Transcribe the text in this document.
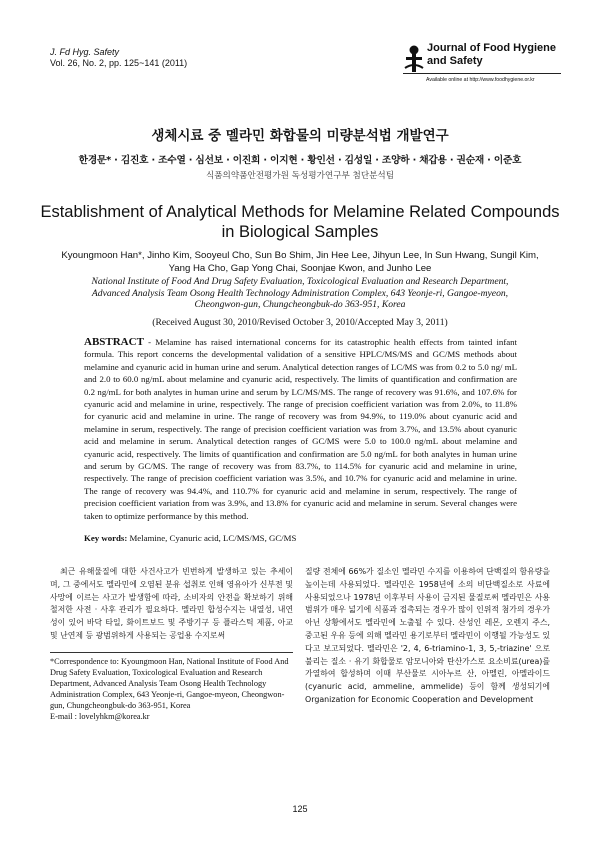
J. Fd Hyg. Safety
Vol. 26, No. 2, pp. 125~141 (2011)
Journal of Food Hygiene
and Safety
Available online at http://www.foodhygiene.or.kr
생체시료 중 멜라민 화합물의 미량분석법 개발연구
한경문* · 김진호 · 조수열 · 심선보 · 이진희 · 이지현 · 황인선 · 김성일 · 조양하 · 채갑용 · 권순재 · 이준호
식품의약품안전평가원 독성평가연구부 첨단분석팀
Establishment of Analytical Methods for Melamine Related Compounds
in Biological Samples
Kyoungmoon Han*, Jinho Kim, Sooyeul Cho, Sun Bo Shim, Jin Hee Lee, Jihyun Lee, In Sun Hwang, Sungil Kim,
Yang Ha Cho, Gap Yong Chai, Soonjae Kwon, and Junho Lee
National Institute of Food And Drug Safety Evaluation, Toxicological Evaluation and Research Department,
Advanced Analysis Team Osong Health Technology Administration Complex, 643 Yeonje-ri, Gangoe-myeon,
Cheongwon-gun, Chungcheongbuk-do 363-951, Korea
(Received August 30, 2010/Revised October 3, 2010/Accepted May 3, 2011)
ABSTRACT - Melamine has raised international concerns for its catastrophic health effects from tainted infant formula. This report concerns the developmental validation of a sensitive HPLC/MS/MS and GC/MS methods about melamine and cyanuric acid in human urine and serum. Analytical detection ranges of LC/MS was from 0.2 to 5.0 ng/ mL and 2.0 to 60.0 ng/mL about melamine and cyanuric acid, respectively. The limits of quantification and confirmation are 0.2 ng/mL for both analytes in human urine and serum by LC/MS/MS. The range of recovery was 91.6%, and 107.6% for cyanuric acid and melamine in urine, respectively. The range of precision coefficient variation was from 2.0%, to 11.8% for cyanuric acid and melamine in urine. The range of recovery was from 94.9%, to 119.0% about cyanuric acid and melamine in serum, respectively. The range of precision coefficient variation was from 3.7%, and 13.5% about cyanuric acid and melamine in serum. Analytical detection ranges of GC/MS were 5.0 to 100.0 ng/mL about melamine and cyanuric acid, respectively. The limits of quantification and confirmation are 5.0 ng/mL for both analytes in human urine and serum by GC/MS. The range of recovery was from 83.7%, to 114.5% for cyanuric acid and melamine in urine, respectively. The range of precision coefficient variation was 3.5%, and 10.7% for cyanuric acid and melamine in urine. The range of recovery was 94.4%, and 110.7% for cyanuric acid and melamine in serum, respectively. The range of precision coefficient variation from was 3.9%, and 13.8% for cyanuric acid and melamine in serum. Several changes were taken to optimize performance by this method.
Key words: Melamine, Cyanuric acid, LC/MS/MS, GC/MS
최근 유해물질에 대한 사건사고가 빈번하게 발생하고 있는 추세이며, 그 중에서도 멜라민에 오염된 분유 섭취로 인해 영유아가 신부전 및 사망에 이르는 사고가 발생함에 따라, 소비자의 안전을 확보하기 위해 철저한 사전 · 사후 관리가 필요하다. 멜라민 합성수지는 내열성, 내연성이 있어 바닥 타일, 화이트보드 및 주방기구 등 플라스틱 제품, 아교 및 난연제 등 광범위하게 사용되는 공업용 수지로써
질량 전체에 66%가 질소인 멜라민 수지를 이용하여 단백질의 함유량을 높이는데 사용되었다. 멜라민은 1958년에 소의 비단백질소로 사료에 사용되었으나 1978년 이후부터 사용이 금지된 물질로써 멜라민은 사용범위가 매우 넓기에 식품과 접촉되는 경우가 많이 인위적 첨가의 경우가 아닌 상황에서도 멜라민에 노출될 수 있다. 산성인 레몬, 오렌지 주스, 중고된 우유 등에 의해 멜라민 용기로부터 멜라민이 이행될 가능성도 있다고 보고되었다. 멜라민은 '2, 4, 6-triamino-1, 3, 5,-triazine' 으로 불리는 질소 · 유기 화합물로 암모니아와 탄산가스로 요소비료(urea)를 가열하여 합성하며 이때 부산물로 시아누르 산, 아멜린, 아멜라이드 (cyanuric acid, ammeline, ammelide) 등이 함께 생성되기에 Organization for Economic Cooperation and Development
*Correspondence to: Kyoungmoon Han, National Institute of Food And Drug Safety Evaluation, Toxicological Evaluation and Research Department, Advanced Analysis Team Osong Health Technology Administration Complex, 643 Yeonje-ri, Gangoe-myeon, Cheongwon-gun, Chungcheongbuk-do 363-951, Korea
E-mail : lovelyhkm@korea.kr
125
